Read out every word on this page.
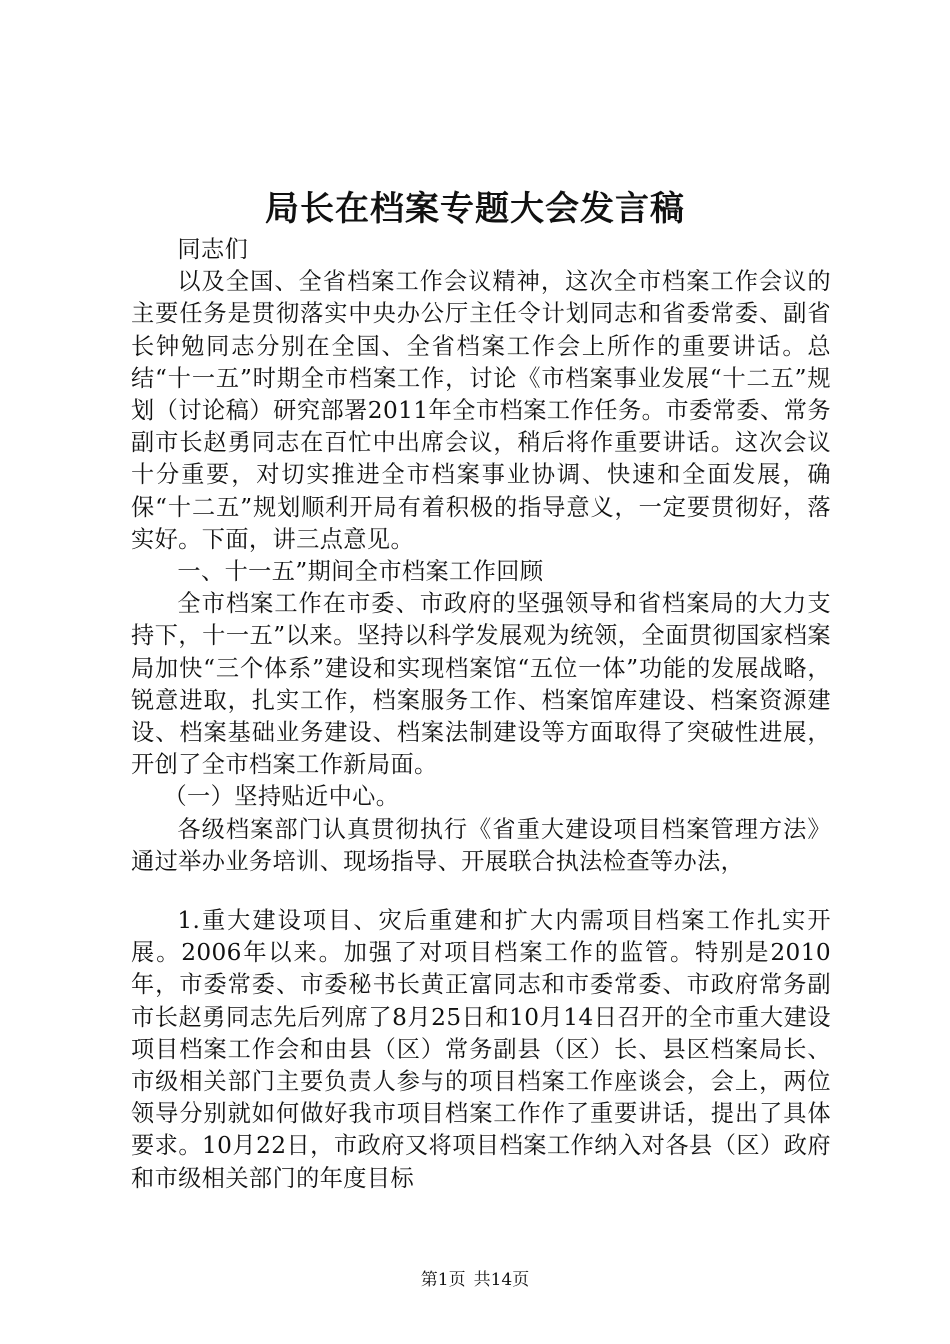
局长在档案专题大会发言稿

同志们

以及全国、全省档案工作会议精神，这次全市档案工作会议的主要任务是贯彻落实中央办公厅主任令计划同志和省委常委、副省长钟勉同志分别在全国、全省档案工作会上所作的重要讲话。总结“十一五”时期全市档案工作，讨论《市档案事业发展“十二五”规划（讨论稿）研究部署2011年全市档案工作任务。市委常委、常务副市长赵勇同志在百忙中出席会议，稍后将作重要讲话。这次会议十分重要，对切实推进全市档案事业协调、快速和全面发展，确保“十二五”规划顺利开局有着积极的指导意义，一定要贯彻好，落实好。下面，讲三点意见。

一、十一五”期间全市档案工作回顾

全市档案工作在市委、市政府的坚强领导和省档案局的大力支持下，十一五”以来。坚持以科学发展观为统领，全面贯彻国家档案局加快“三个体系”建设和实现档案馆“五位一体”功能的发展战略，锐意进取，扎实工作，档案服务工作、档案馆库建设、档案资源建设、档案基础业务建设、档案法制建设等方面取得了突破性进展，开创了全市档案工作新局面。

（一）坚持贴近中心。

各级档案部门认真贯彻执行《省重大建设项目档案管理方法》通过举办业务培训、现场指导、开展联合执法检查等办法，

1.重大建设项目、灾后重建和扩大内需项目档案工作扎实开展。2006年以来。加强了对项目档案工作的监管。特别是2010年，市委常委、市委秘书长黄正富同志和市委常委、市政府常务副市长赵勇同志先后列席了8月25日和10月14日召开的全市重大建设项目档案工作会和由县（区）常务副县（区）长、县区档案局长、市级相关部门主要负责人参与的项目档案工作座谈会，会上，两位领导分别就如何做好我市项目档案工作作了重要讲话，提出了具体要求。10月22日，市政府又将项目档案工作纳入对各县（区）政府和市级相关部门的年度目标

第1页 共14页
